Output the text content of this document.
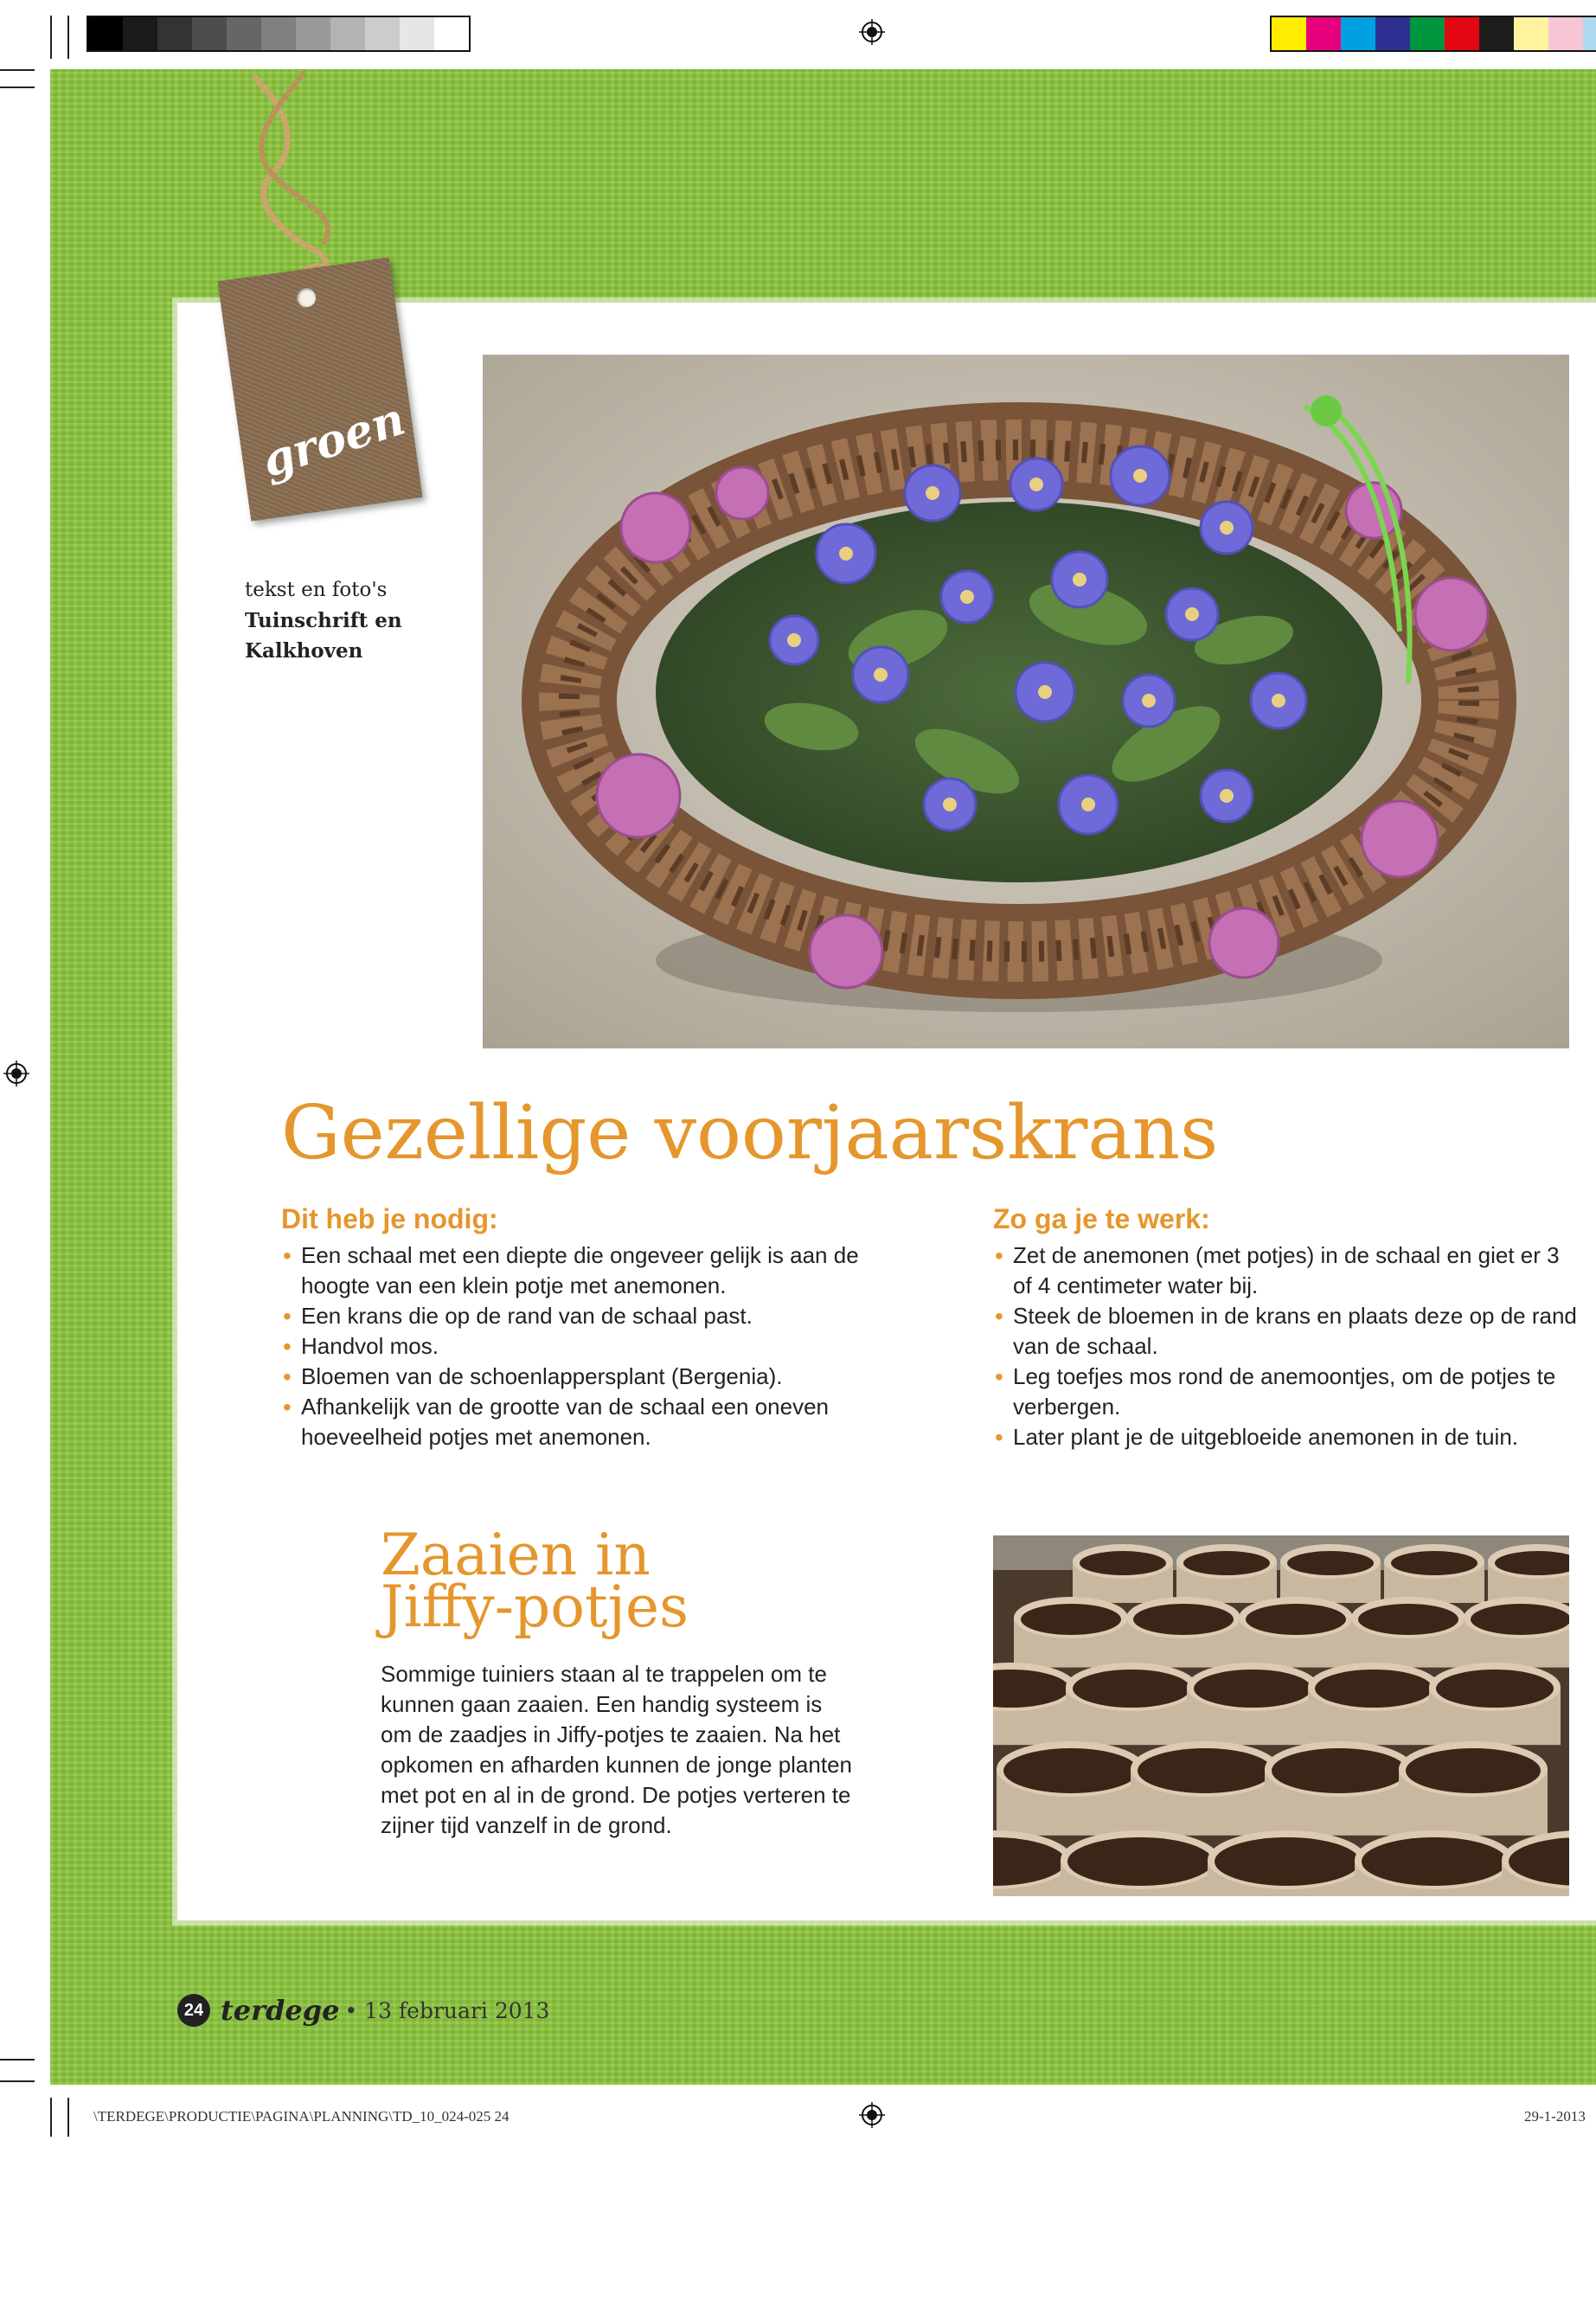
groen
tekst en foto's
Tuinschrift en
Kalkhoven
Gezellige voorjaarskrans
Dit heb je nodig:
• Een schaal met een diepte die ongeveer gelijk is aan de hoogte van een klein potje met anemonen.
• Een krans die op de rand van de schaal past.
• Handvol mos.
• Bloemen van de schoenlappersplant (Bergenia).
• Afhankelijk van de grootte van de schaal een oneven hoeveelheid potjes met anemonen.
Zo ga je te werk:
• Zet de anemonen (met potjes) in de schaal en giet er 3 of 4 centimeter water bij.
• Steek de bloemen in de krans en plaats deze op de rand van de schaal.
• Leg toefjes mos rond de anemoontjes, om de potjes te verbergen.
• Later plant je de uitgebloeide anemonen in de tuin.
Zaaien in
Jiffy-potjes

Sommige tuiniers staan al te trappelen om te kunnen gaan zaaien. Een handig systeem is om de zaadjes in Jiffy-potjes te zaaien. Na het opkomen en afharden kunnen de jonge planten met pot en al in de grond. De potjes verteren te zijner tijd vanzelf in de grond.

24 terdege
•	13 februari 2013
\TERDEGE\PRODUCTIE\PAGINA\PLANNING\TD_10_024-025 24	29-1-2013
